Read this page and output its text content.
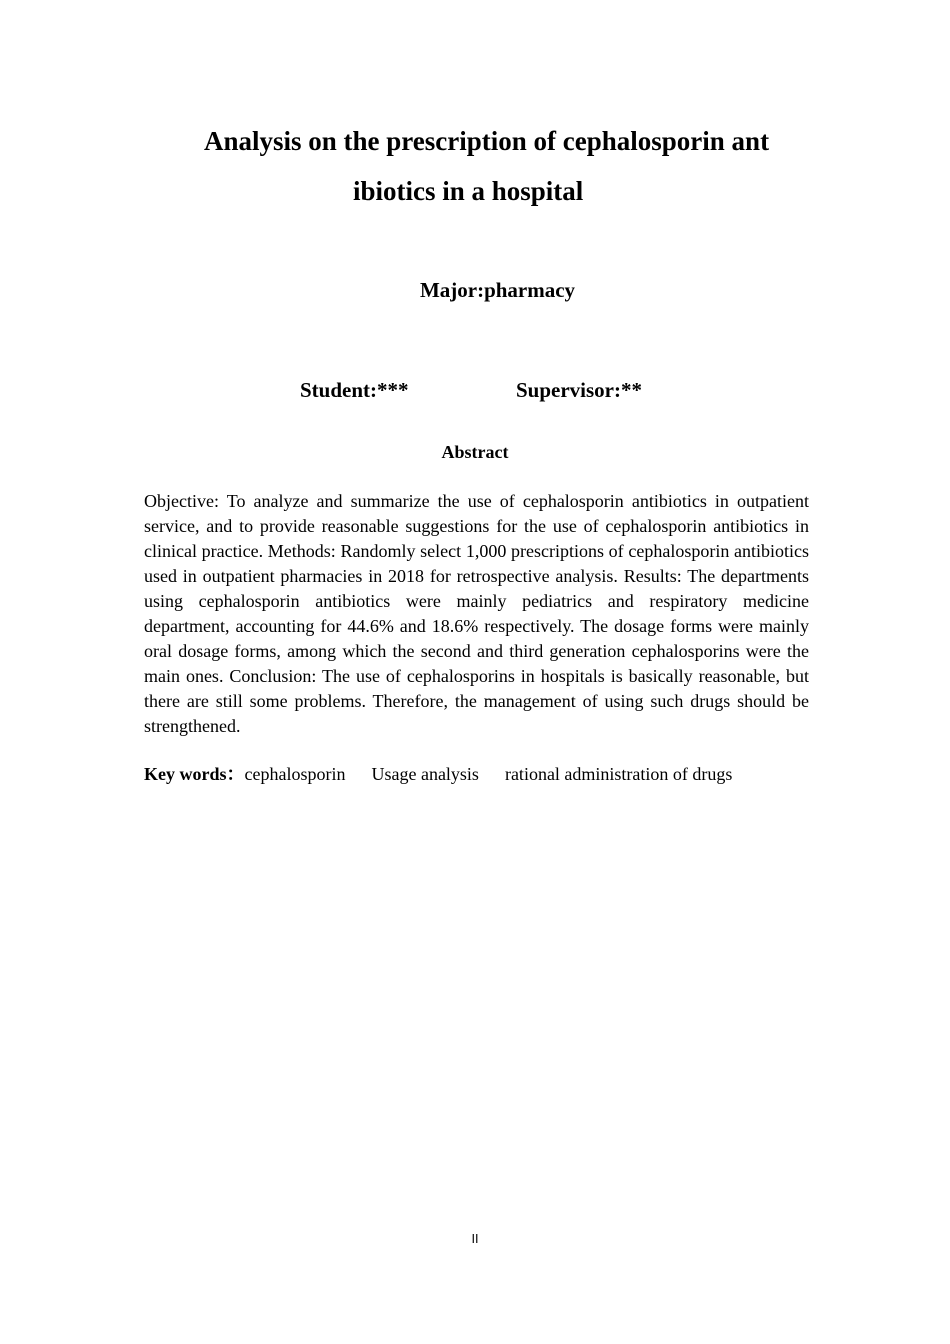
Analysis on the prescription of cephalosporin ant
ibiotics in a hospital
Major:pharmacy
Student:***	Supervisor:**
Abstract

Objective: To analyze and summarize the use of cephalosporin antibiotics in outpatient service, and to provide reasonable suggestions for the use of cephalosporin antibiotics in clinical practice. Methods: Randomly select 1,000 prescriptions of cephalosporin antibiotics used in outpatient pharmacies in 2018 for retrospective analysis. Results: The departments using cephalosporin antibiotics were mainly pediatrics and respiratory medicine department, accounting for 44.6% and 18.6% respectively. The dosage forms were mainly oral dosage forms, among which the second and third generation cephalosporins were the main ones. Conclusion: The use of cephalosporins in hospitals is basically reasonable, but there are still some problems. Therefore, the management of using such drugs should be strengthened.

Key words：cephalosporin Usage analysis rational administration of drugs
II
